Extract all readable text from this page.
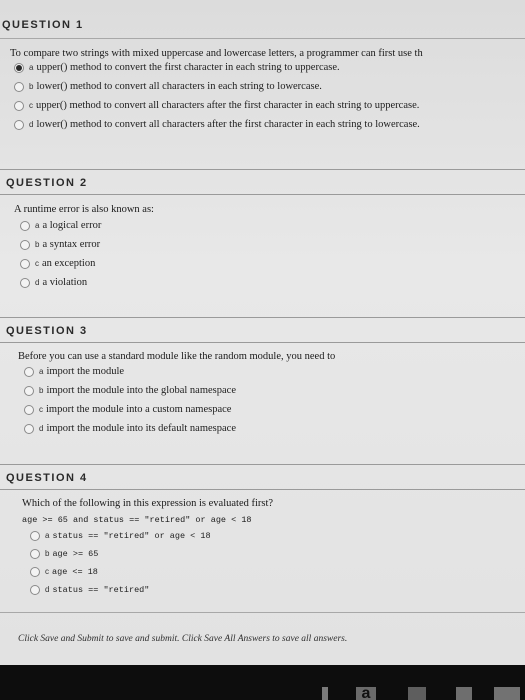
QUESTION 1
To compare two strings with mixed uppercase and lowercase letters, a programmer can first use th
a upper() method to convert the first character in each string to uppercase.
b lower() method to convert all characters in each string to lowercase.
c upper() method to convert all characters after the first character in each string to uppercase.
d lower() method to convert all characters after the first character in each string to lowercase.
QUESTION 2
A runtime error is also known as:
a a logical error
b a syntax error
c an exception
d a violation
QUESTION 3
Before you can use a standard module like the random module, you need to
a import the module
b import the module into the global namespace
c import the module into a custom namespace
d import the module into its default namespace
QUESTION 4
Which of the following in this expression is evaluated first?
age >= 65 and status == "retired" or age < 18
a status == "retired" or age < 18
b age >= 65
c age <= 18
d status == "retired"
Click Save and Submit to save and submit. Click Save All Answers to save all answers.
a
